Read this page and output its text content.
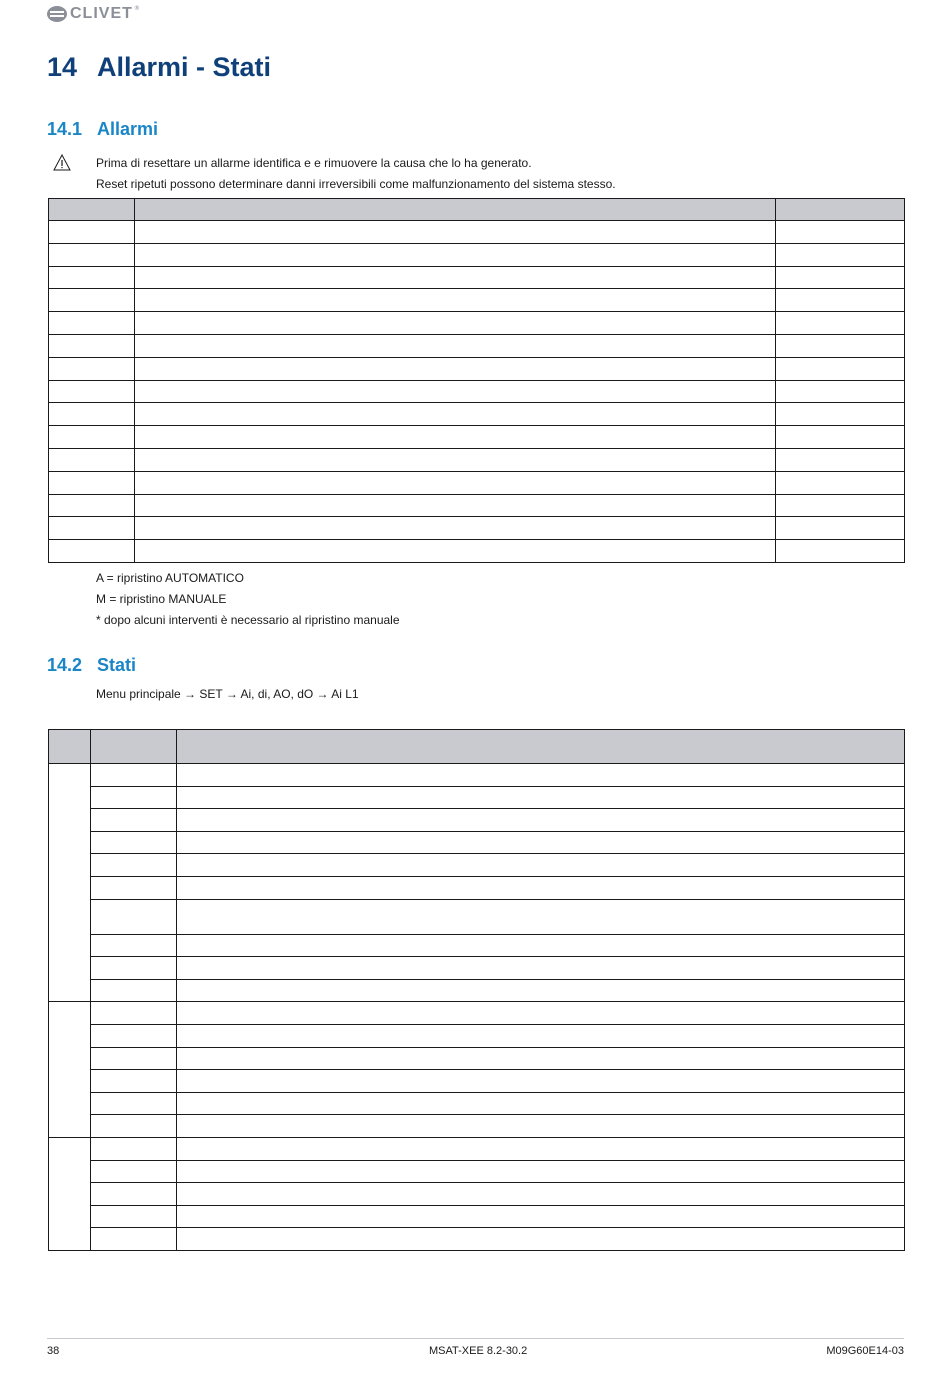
CLIVET ®
14 Allarmi - Stati
14.1 Allarmi
Prima di resettare un allarme identifica e e rimuovere la causa che lo ha generato.
Reset ripetuti possono determinare danni irreversibili come malfunzionamento del sistema stesso.

A = ripristino AUTOMATICO
M = ripristino MANUALE
* dopo alcuni interventi è necessario al ripristino manuale
14.2 Stati
Menu principale → SET → Ai, di, AO, dO → Ai L1

38	MSAT-XEE 8.2-30.2	M09G60E14-03
